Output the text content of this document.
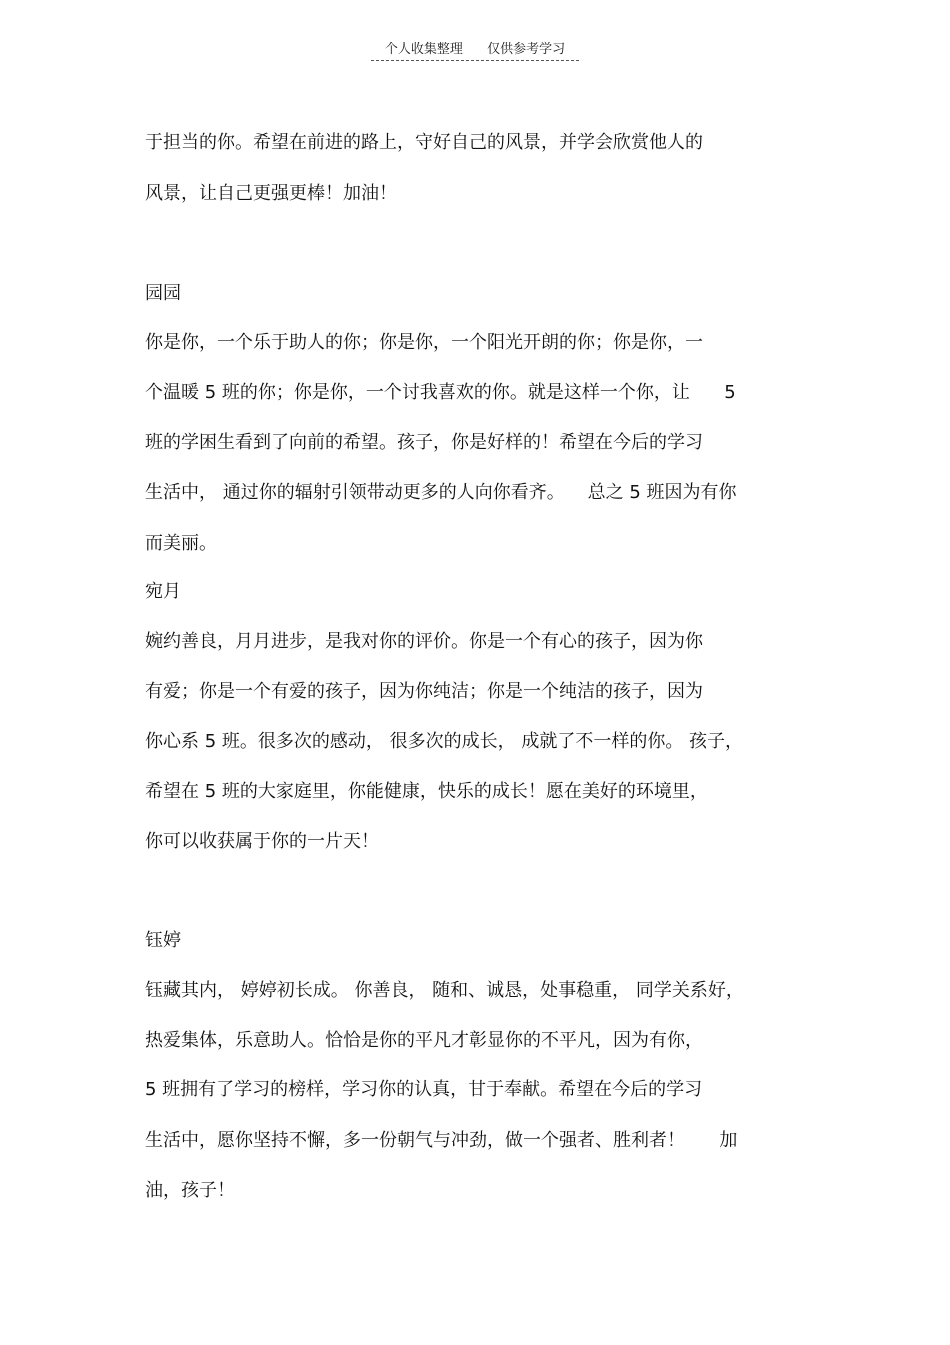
个人收集整理 仅供参考学习
于担当的你。希望在前进的路上，守好自己的风景，并学会欣赏他人的
风景，让自己更强更棒！加油！
园园
你是你，一个乐于助人的你；你是你，一个阳光开朗的你；你是你，一
个温暖 5 班的你；你是你，一个讨我喜欢的你。就是这样一个你，让      5
班的学困生看到了向前的希望。孩子，你是好样的！希望在今后的学习
生活中， 通过你的辐射引领带动更多的人向你看齐。    总之 5 班因为有你
而美丽。
宛月
婉约善良，月月进步，是我对你的评价。你是一个有心的孩子，因为你
有爱；你是一个有爱的孩子，因为你纯洁；你是一个纯洁的孩子，因为
你心系 5 班。很多次的感动， 很多次的成长， 成就了不一样的你。 孩子，
希望在 5 班的大家庭里，你能健康，快乐的成长！愿在美好的环境里，
你可以收获属于你的一片天！
钰婷
钰藏其内， 婷婷初长成。 你善良， 随和、诚恳，处事稳重， 同学关系好，
热爱集体，乐意助人。恰恰是你的平凡才彰显你的不平凡，因为有你，
5 班拥有了学习的榜样，学习你的认真，甘于奉献。希望在今后的学习
生活中，愿你坚持不懈，多一份朝气与冲劲，做一个强者、胜利者！      加
油，孩子！
